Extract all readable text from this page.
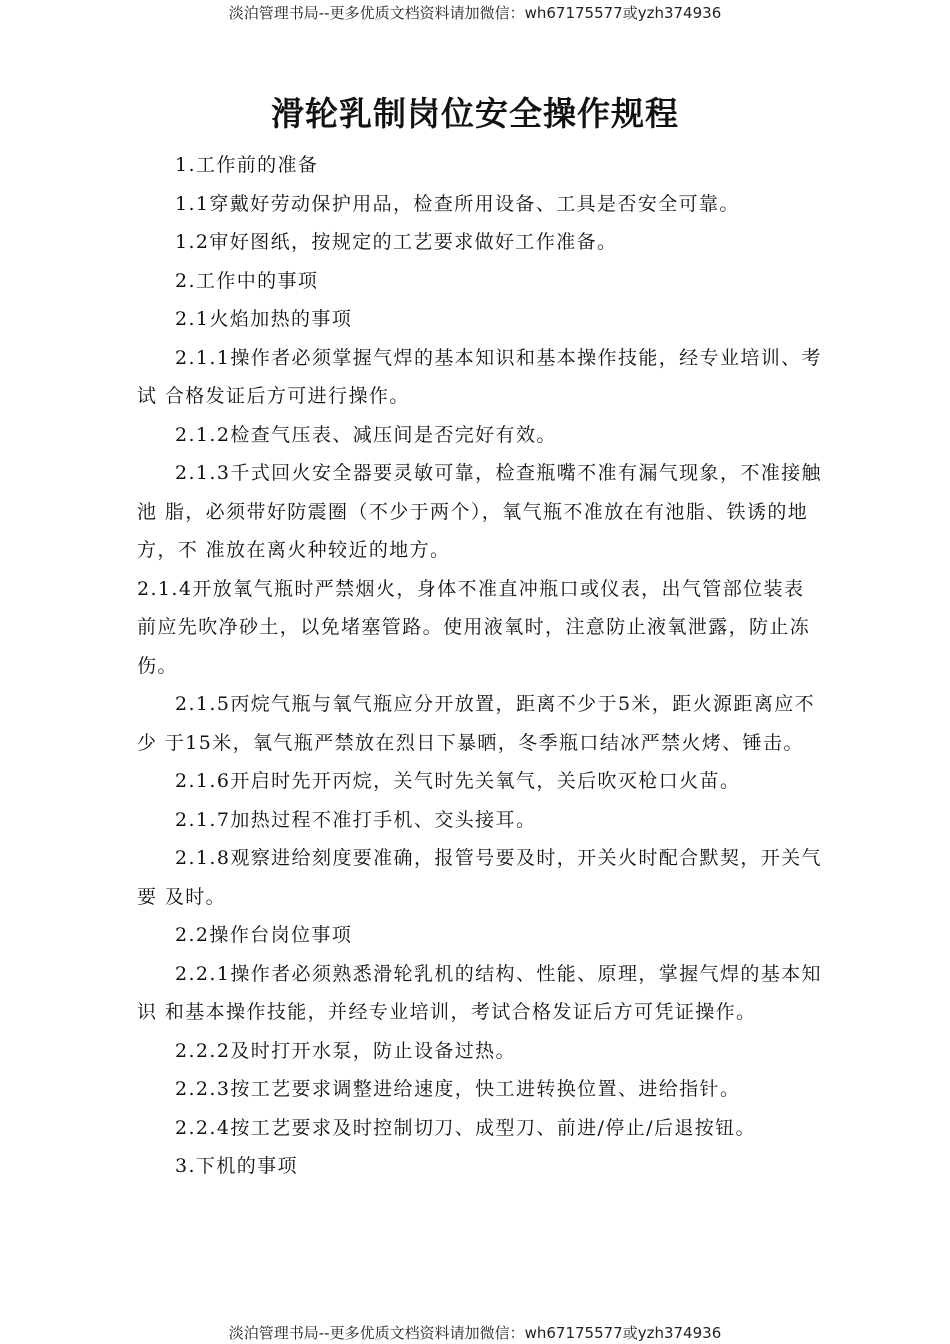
淡泊管理书局--更多优质文档资料请加微信：wh67175577或yzh374936
滑轮乳制岗位安全操作规程

1.工作前的准备

1.1穿戴好劳动保护用品，检查所用设备、工具是否安全可靠。

1.2审好图纸，按规定的工艺要求做好工作准备。

2.工作中的事项

2.1火焰加热的事项

2.1.1操作者必须掌握气焊的基本知识和基本操作技能，经专业培训、考试 合格发证后方可进行操作。

2.1.2检查气压表、减压间是否完好有效。

2.1.3千式回火安全器要灵敏可靠，检查瓶嘴不准有漏气现象，不准接触池 脂，必须带好防震圈（不少于两个），氧气瓶不准放在有池脂、铁诱的地方，不 准放在离火种较近的地方。

2.1.4开放氧气瓶时严禁烟火，身体不准直冲瓶口或仪表，出气管部位装表 前应先吹净砂土，以免堵塞管路。使用液氧时，注意防止液氧泄露，防止冻伤。

2.1.5丙烷气瓶与氧气瓶应分开放置，距离不少于5米，距火源距离应不少 于15米，氧气瓶严禁放在烈日下暴晒，冬季瓶口结冰严禁火烤、锤击。

2.1.6开启时先开丙烷，关气时先关氧气，关后吹灭枪口火苗。

2.1.7加热过程不准打手机、交头接耳。

2.1.8观察进给刻度要准确，报管号要及时，开关火时配合默契，开关气要 及时。

2.2操作台岗位事项

2.2.1操作者必须熟悉滑轮乳机的结构、性能、原理，掌握气焊的基本知识 和基本操作技能，并经专业培训，考试合格发证后方可凭证操作。

2.2.2及时打开水泵，防止设备过热。

2.2.3按工艺要求调整进给速度，快工进转换位置、进给指针。

2.2.4按工艺要求及时控制切刀、成型刀、前进/停止/后退按钮。

3.下机的事项

淡泊管理书局--更多优质文档资料请加微信：wh67175577或yzh374936
